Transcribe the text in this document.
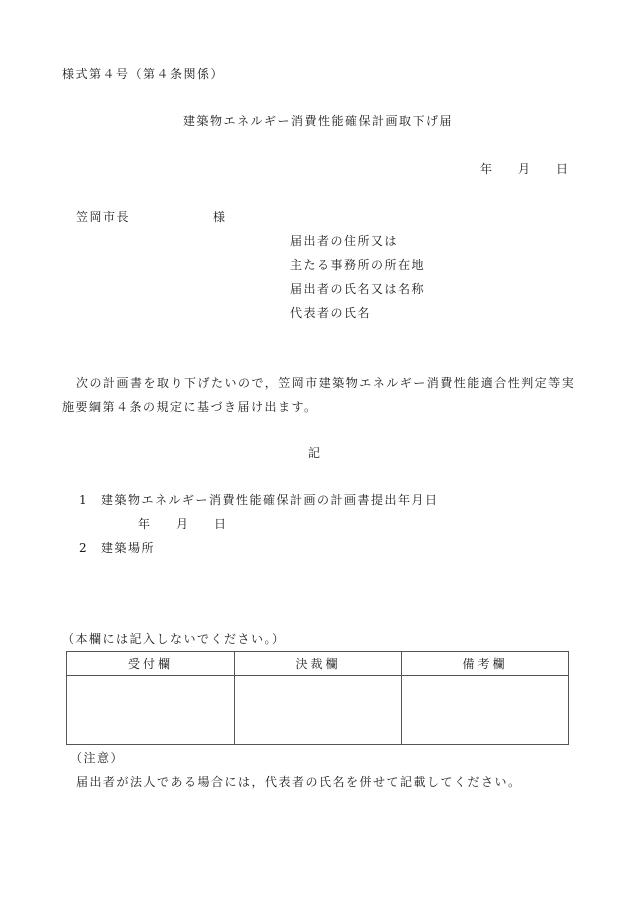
様式第４号（第４条関係）
建築物エネルギー消費性能確保計画取下げ届
年 月 日
笠岡市長	様
届出者の住所又は
主たる事務所の所在地
届出者の氏名又は名称
代表者の氏名
次の計画書を取り下げたいので，笠岡市建築物エネルギー消費性能適合性判定等実
施要綱第４条の規定に基づき届け出ます。
記
1 建築物エネルギー消費性能確保計画の計画書提出年月日
年 月 日
2 建築場所
（本欄には記入しないでください。）
受付欄	決裁欄	備考欄

（注意）
届出者が法人である場合には，代表者の氏名を併せて記載してください。
